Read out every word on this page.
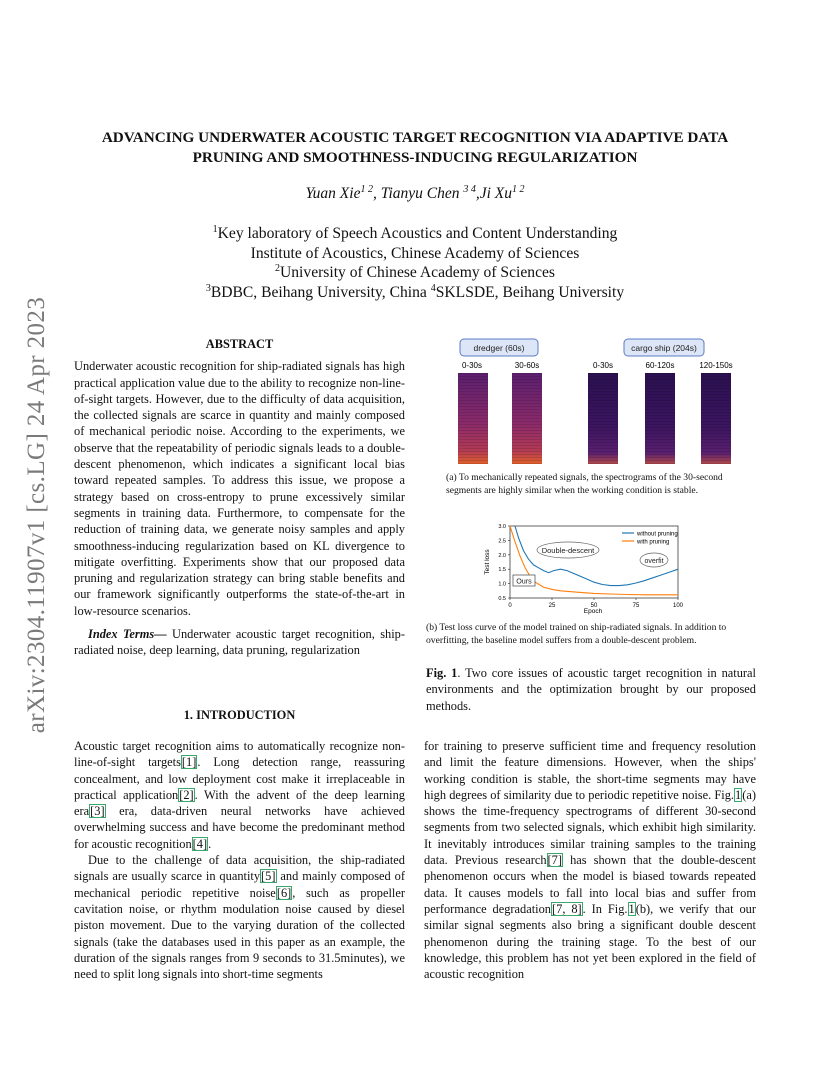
arXiv:2304.11907v1 [cs.LG] 24 Apr 2023
ADVANCING UNDERWATER ACOUSTIC TARGET RECOGNITION VIA ADAPTIVE DATA
PRUNING AND SMOOTHNESS-INDUCING REGULARIZATION
Yuan Xie$^{1 2}$, Tianyu Chen $^{3 4}$,Ji $Xu^{1 2}$
$^1$Key laboratory of Speech Acoustics and Content Understanding
Institute of Acoustics, Chinese Academy of Sciences
$^2$University of Chinese Academy of Sciences
$^3$BDBC, Beihang University, China $^4$SKLSDE, Beihang University
ABSTRACT
Underwater acoustic recognition for ship-radiated signals has high practical application value due to the ability to recognize non-line-of-sight targets. However, due to the difficulty of data acquisition, the collected signals are scarce in quantity and mainly composed of mechanical periodic noise. According to the experiments, we observe that the repeatability of periodic signals leads to a double-descent phenomenon, which indicates a significant local bias toward repeated samples. To address this issue, we propose a strategy based on cross-entropy to prune excessively similar segments in training data. Furthermore, to compensate for the reduction of training data, we generate noisy samples and apply smoothness-inducing regularization based on KL divergence to mitigate overfitting. Experiments show that our proposed data pruning and regularization strategy can bring stable benefits and our framework significantly outperforms the state-of-the-art in low-resource scenarios.
Index Terms— Underwater acoustic target recognition, ship-radiated noise, deep learning, data pruning, regularization
1. INTRODUCTION
Acoustic target recognition aims to automatically recognize non-line-of-sight targets[1]. Long detection range, reassuring concealment, and low deployment cost make it irreplaceable in practical application[2]. With the advent of the deep learning era[3] era, data-driven neural networks have achieved overwhelming success and have become the predominant method for acoustic recognition[4].
Due to the challenge of data acquisition, the ship-radiated signals are usually scarce in quantity[5] and mainly composed of mechanical periodic repetitive noise[6], such as propeller cavitation noise, or rhythm modulation noise caused by diesel piston movement. Due to the varying duration of the collected signals (take the databases used in this paper as an example, the duration of the signals ranges from 9 seconds to 31.5minutes), we need to split long signals into short-time segments
dredger (60s)	cargo ship (204s)
0-30s	30-60s	0-30s	60-120s	120-150s
(a) To mechanically repeated signals, the spectrograms of the 30-second segments are highly similar when the working condition is stable.
0	25	50	75	100
0.5
1.0
1.5
2.0
2.5
3.0
Double-descent
overfit
Ours
without pruning
with pruning
Epoch
Test loss
(b) Test loss curve of the model trained on ship-radiated signals. In addition to overfitting, the baseline model suffers from a double-descent problem.
Fig. 1. Two core issues of acoustic target recognition in natural environments and the optimization brought by our proposed methods.
for training to preserve sufficient time and frequency resolution and limit the feature dimensions. However, when the ships' working condition is stable, the short-time segments may have high degrees of similarity due to periodic repetitive noise. Fig.1(a) shows the time-frequency spectrograms of different 30-second segments from two selected signals, which exhibit high similarity. It inevitably introduces similar training samples to the training data. Previous research[7] has shown that the double-descent phenomenon occurs when the model is biased towards repeated data. It causes models to fall into local bias and suffer from performance degradation[7, 8]. In Fig.1(b), we verify that our similar signal segments also bring a significant double descent phenomenon during the training stage. To the best of our knowledge, this problem has not yet been explored in the field of acoustic recognition
